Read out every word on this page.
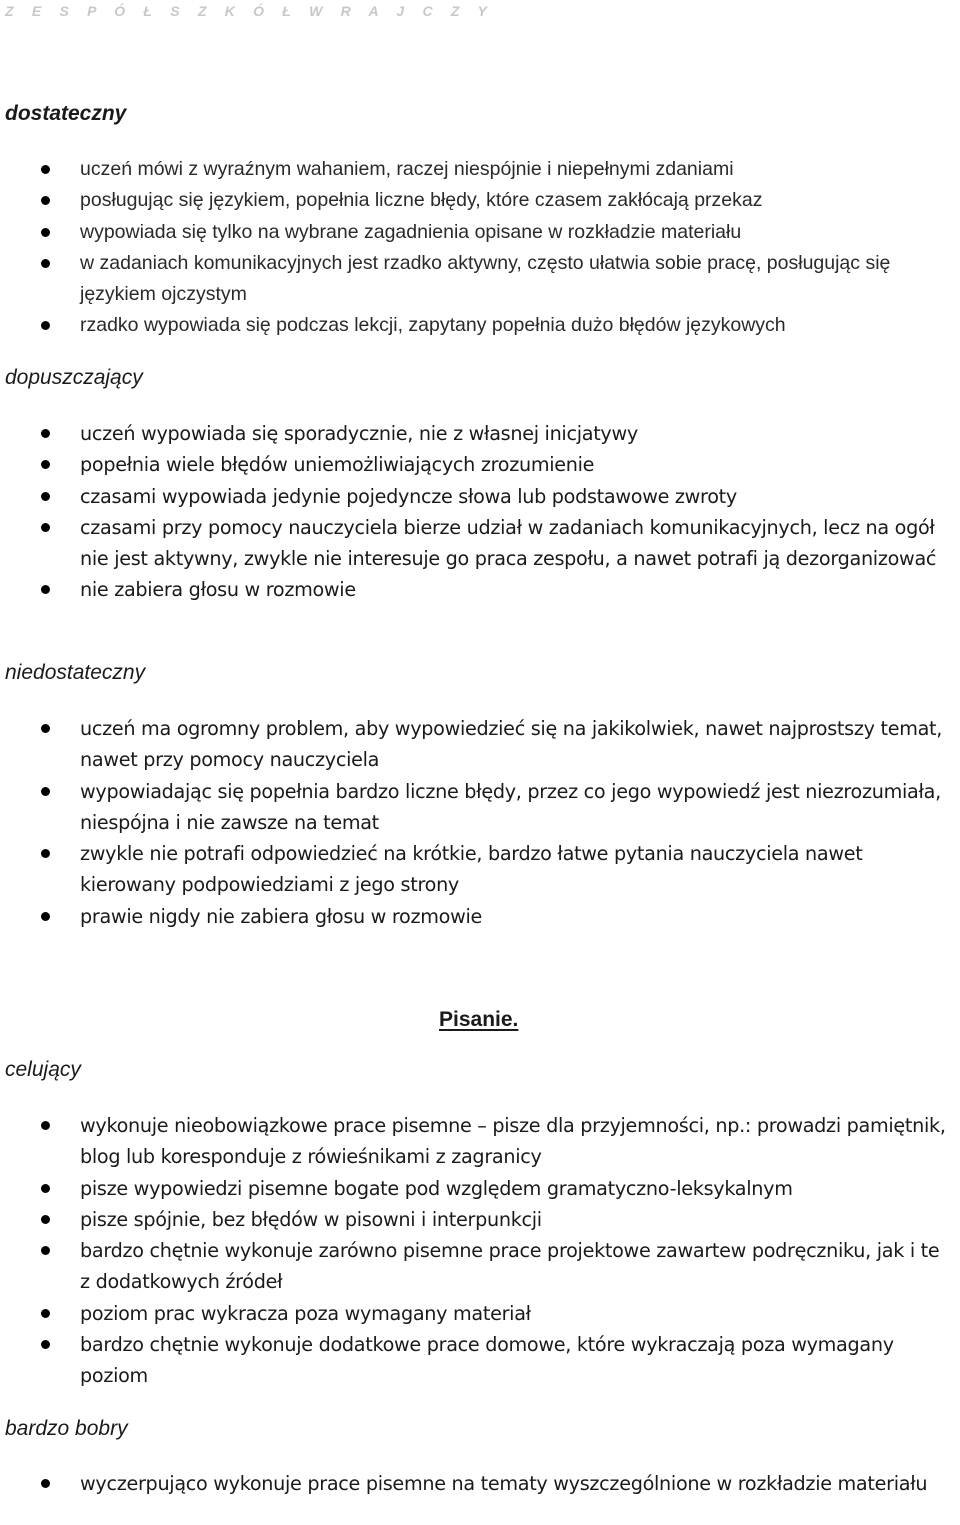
Z E S P Ó Ł S Z K Ó Ł W R A J C Z Y
dostateczny
uczeń mówi z wyraźnym wahaniem, raczej niespójnie i niepełnymi zdaniami
posługując się językiem, popełnia liczne błędy, które czasem zakłócają przekaz
wypowiada się tylko na wybrane zagadnienia opisane w rozkładzie materiału
w zadaniach komunikacyjnych jest rzadko aktywny, często ułatwia sobie pracę, posługując się językiem ojczystym
rzadko wypowiada się podczas lekcji, zapytany popełnia dużo błędów językowych
dopuszczający
uczeń wypowiada się sporadycznie, nie z własnej inicjatywy
popełnia wiele błędów uniemożliwiających zrozumienie
czasami wypowiada jedynie pojedyncze słowa lub podstawowe zwroty
czasami przy pomocy nauczyciela bierze udział w zadaniach komunikacyjnych, lecz na ogół nie jest aktywny, zwykle nie interesuje go praca zespołu, a nawet potrafi ją dezorganizować
nie zabiera głosu w rozmowie
niedostateczny
uczeń ma ogromny problem, aby wypowiedzieć się na jakikolwiek, nawet najprostszy temat, nawet przy pomocy nauczyciela
wypowiadając się popełnia bardzo liczne błędy, przez co jego wypowiedź jest niezrozumiała, niespójna i nie zawsze na temat
zwykle nie potrafi odpowiedzieć na krótkie, bardzo łatwe pytania nauczyciela nawet kierowany podpowiedziami z jego strony
prawie nigdy nie zabiera głosu w rozmowie
Pisanie.
celujący
wykonuje nieobowiązkowe prace pisemne – pisze dla przyjemności, np.: prowadzi pamiętnik, blog lub koresponduje z rówieśnikami z zagranicy
pisze wypowiedzi pisemne bogate pod względem gramatyczno-leksykalnym
pisze spójnie, bez błędów w pisowni i interpunkcji
bardzo chętnie wykonuje zarówno pisemne prace projektowe zawartew podręczniku, jak i te z dodatkowych źródeł
poziom prac wykracza poza wymagany materiał
bardzo chętnie wykonuje dodatkowe prace domowe, które wykraczają poza wymagany poziom
bardzo bobry
wyczerpująco wykonuje prace pisemne na tematy wyszczególnione w rozkładzie materiału
